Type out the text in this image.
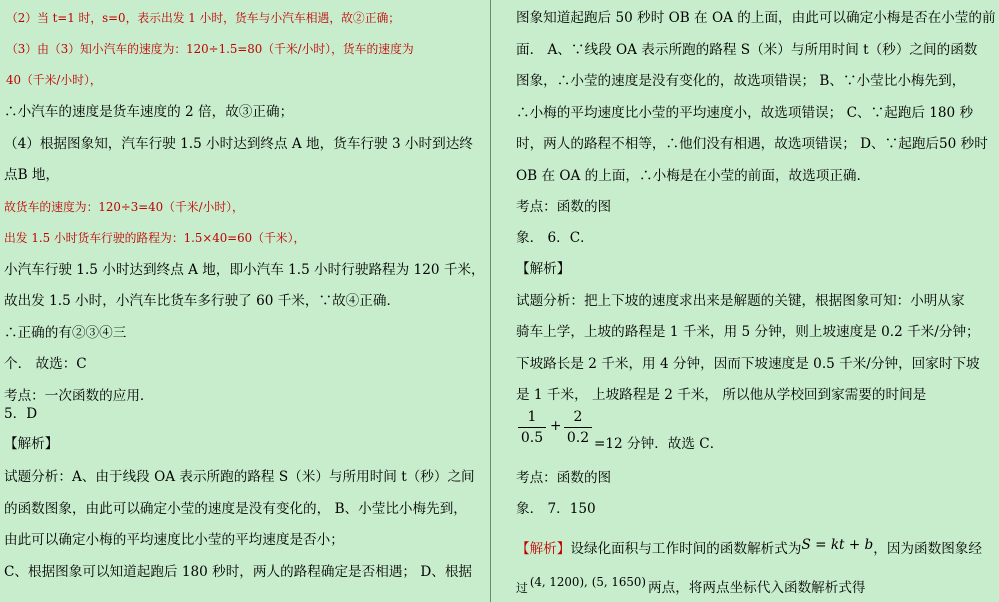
（2）当 t=1 时，s=0，表示出发 1 小时，货车与小汽车相遇，故②正确；
（3）由（3）知小汽车的速度为：120÷1.5=80（千米/小时），货车的速度为
40（千米/小时），
∴小汽车的速度是货车速度的 2 倍，故③正确；
（4）根据图象知，汽车行驶 1.5 小时达到终点 A 地，货车行驶 3 小时到达终
点B 地，
故货车的速度为：120÷3=40（千米/小时），
出发 1.5 小时货车行驶的路程为：1.5×40=60（千米），
小汽车行驶 1.5 小时达到终点 A 地，即小汽车 1.5 小时行驶路程为 120 千米，
故出发 1.5 小时，小汽车比货车多行驶了 60 千米，∵故④正确．
∴正确的有②③④三
个． 故选：C
考点：一次函数的应用．
5．D
【解析】
试题分析：A、由于线段 OA 表示所跑的路程 S（米）与所用时间 t（秒）之间
的函数图象，由此可以确定小莹的速度是没有变化的， B、小莹比小梅先到，
由此可以确定小梅的平均速度比小莹的平均速度是否小；
C、根据图象可以知道起跑后 180 秒时，两人的路程确定是否相遇； D、根据
图象知道起跑后 50 秒时 OB 在 OA 的上面，由此可以确定小梅是否在小莹的前
面． A、∵线段 OA 表示所跑的路程 S（米）与所用时间 t（秒）之间的函数
图象，∴小莹的速度是没有变化的，故选项错误； B、∵小莹比小梅先到，
∴小梅的平均速度比小莹的平均速度小，故选项错误； C、∵起跑后 180 秒
时，两人的路程不相等，∴他们没有相遇，故选项错误； D、∵起跑后50 秒时
OB 在 OA 的上面，∴小梅是在小莹的前面，故选项正确.
考点：函数的图
象． 6．C．
【解析】
试题分析：把上下坡的速度求出来是解题的关键，根据图象可知：小明从家
骑车上学，上坡的路程是 1 千米，用 5 分钟，则上坡速度是 0.2 千米/分钟；
下坡路长是 2 千米，用 4 分钟，因而下坡速度是 0.5 千米/分钟，回家时下坡
是 1 千米， 上坡路程是 2 千米， 所以他从学校回到家需要的时间是
1
0.5
+
2
0.2 =12 分钟．故选 C．
考点：函数的图
象． 7．150
【解析】设绿化面积与工作时间的函数解析式为S = kt + b，因为函数图象经
过 (4, 1200), (5, 1650) 两点，将两点坐标代入函数解析式得
